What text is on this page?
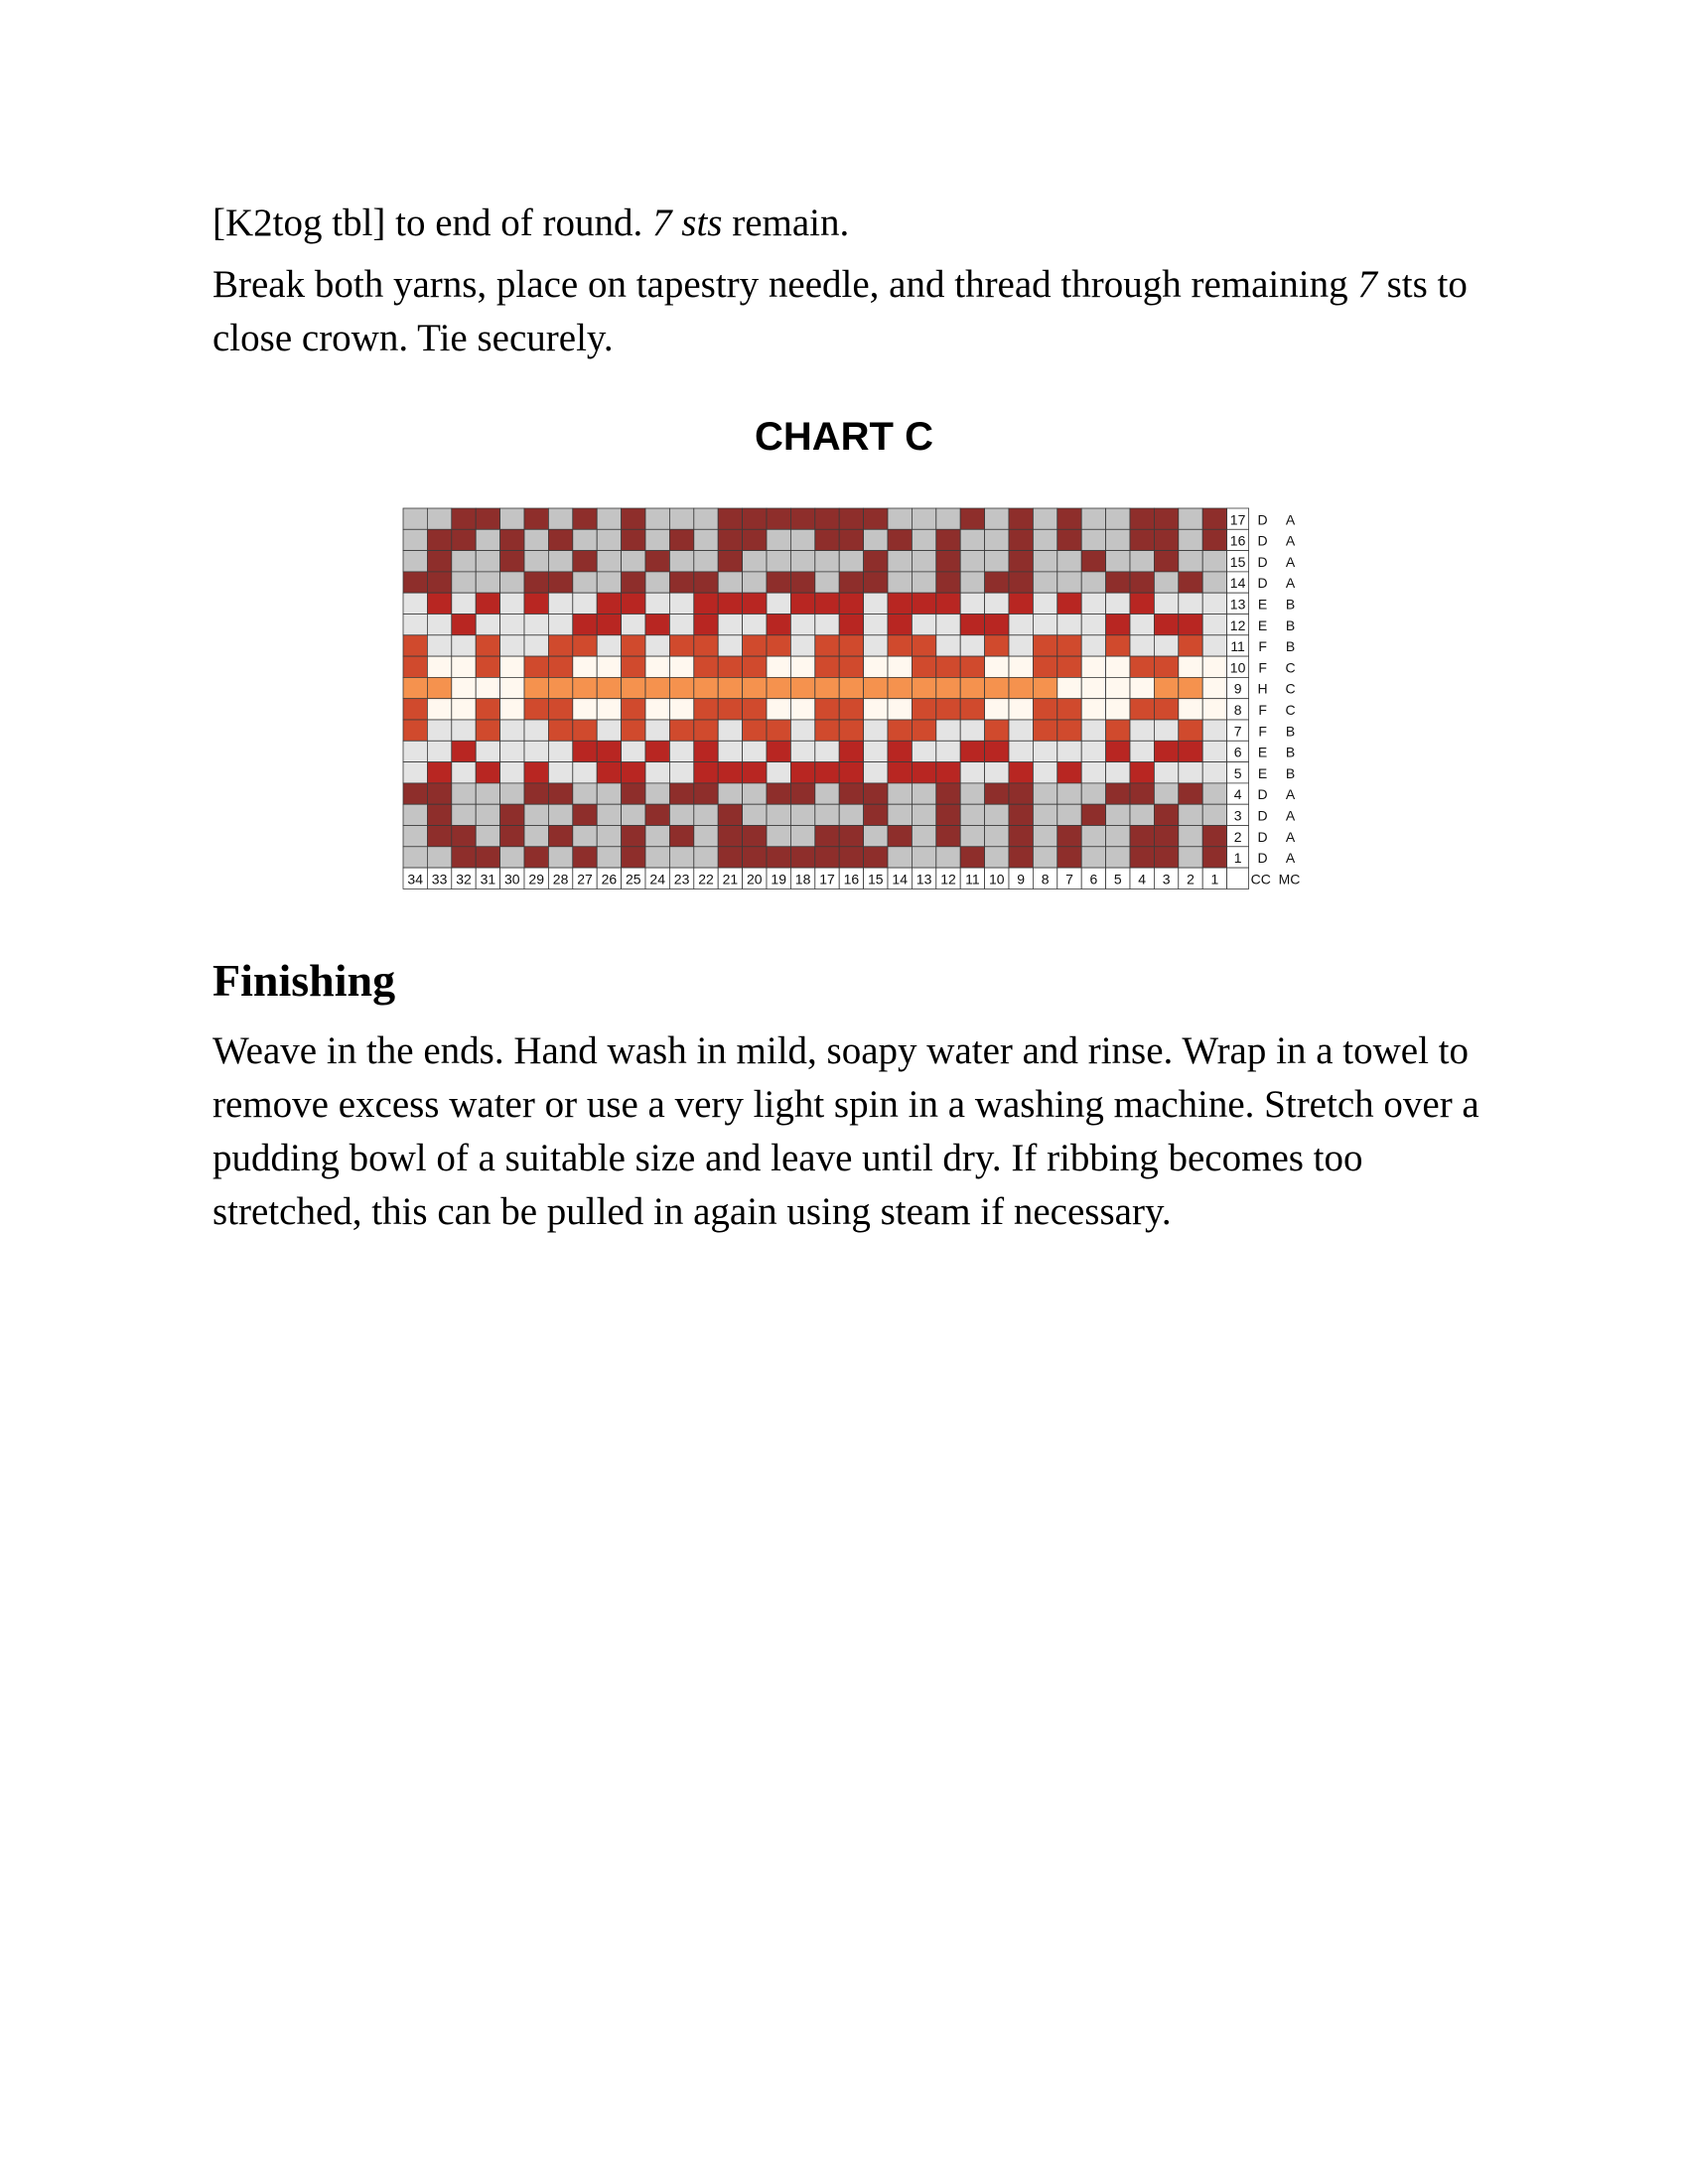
[K2tog tbl] to end of round. 7 sts remain.

Break both yarns, place on tapestry needle, and thread through remaining 7 sts to close crown. Tie securely.

CHART C
17 D A
16 D A
15 D A
14 D A
13 E B
12 E B
11 F B
10 F C
9 H C
8 F C
7 F B
6 E B
5 E B
4 D A
3 D A
2 D A
1 D A
34 33 32 31 30 29 28 27 26 25 24 23 22 21 20 19 18 17 16 15 14 13 12 11 10 9 8 7 6 5 4 3 2 1 CC MC
Finishing

Weave in the ends. Hand wash in mild, soapy water and rinse. Wrap in a towel to remove excess water or use a very light spin in a washing machine. Stretch over a pudding bowl of a suitable size and leave until dry. If ribbing becomes too stretched, this can be pulled in again using steam if necessary.
